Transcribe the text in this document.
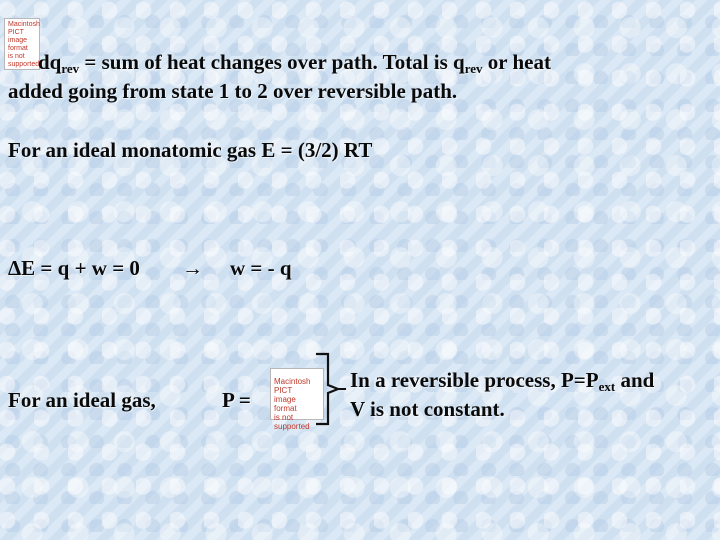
Macintosh PICT
image format
is not supported
$dq_{rev}$ = sum of heat changes over path. Total is $q_{rev}$ or heat
added going from state 1 to 2 over reversible path.
For an ideal monatomic gas E = (3/2) RT
ΔE = q + w = 0 → w = - q
For an ideal gas,	P =
Macintosh PICT
image format
is not supported
In a reversible process, $P=P_{ext}$ and
V is not constant.
